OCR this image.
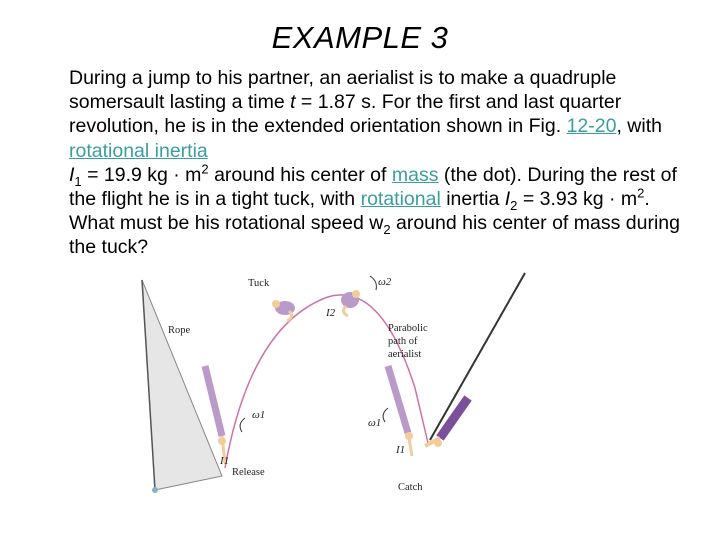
EXAMPLE 3
During a jump to his partner, an aerialist is to make a quadruple somersault lasting a time t = 1.87 s. For the first and last quarter revolution, he is in the extended orientation shown in Fig. 12-20, with rotational inertia
$I_1 = 19.9$ kg · $m^2$ around his center of mass (the dot). During the rest of the flight he is in a tight tuck, with rotational inertia $I_2 = 3.93$ kg · $m^2$. What must be his rotational speed $w_2$ around his center of mass during the tuck?
Tuck	ω2
I2
Rope	Parabolic
path of
aerialist
ω1
ω1
I1
I1
Release
Catch
